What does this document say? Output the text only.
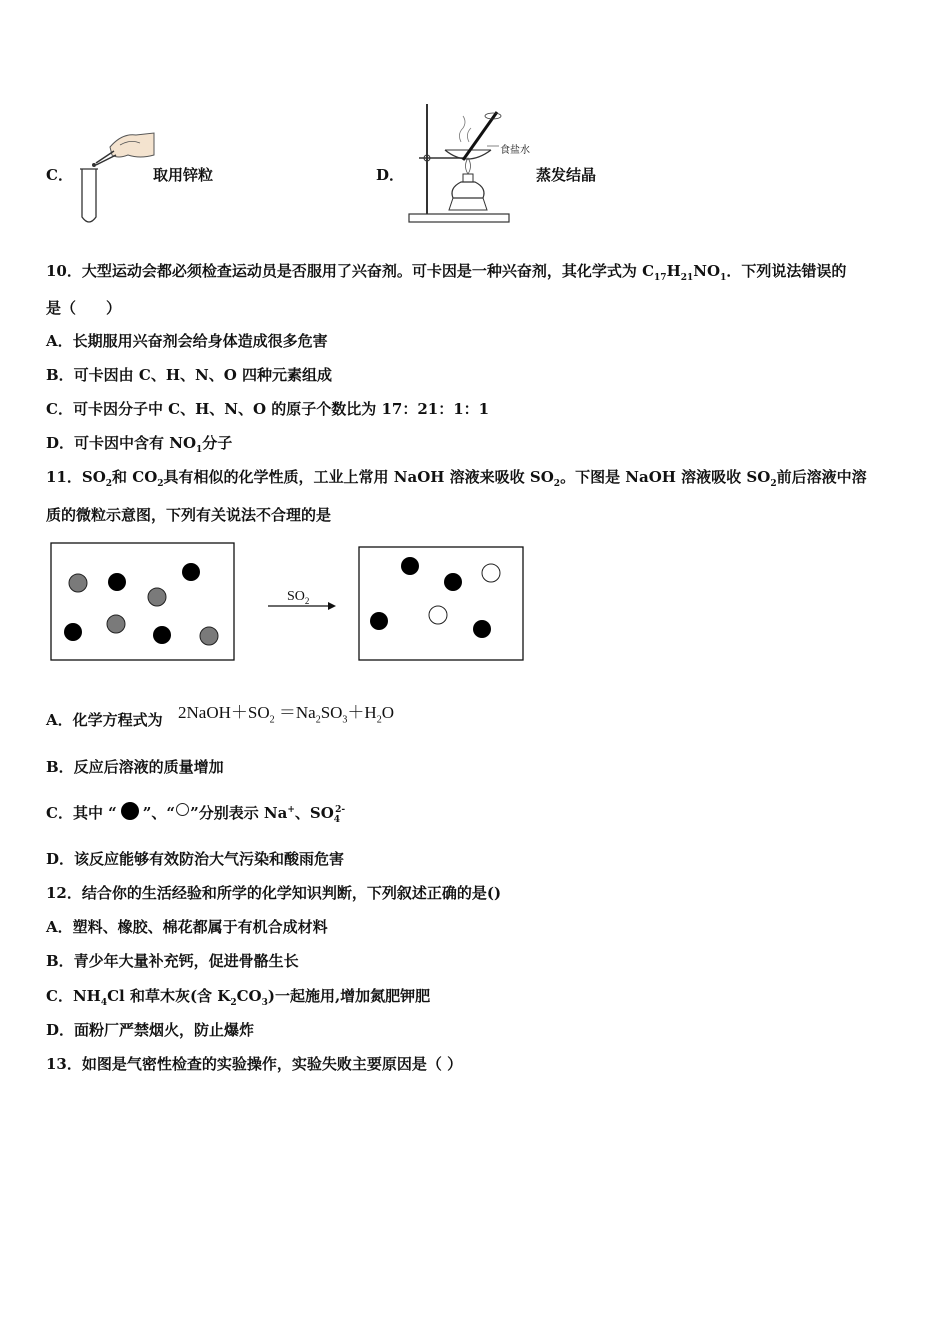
C．	取用锌粒	D．
食盐水
蒸发结晶
10．大型运动会都必须检查运动员是否服用了兴奋剂。可卡因是一种兴奋剂，其化学式为 $C_{17}H_{21}NO_1$．下列说法错误的
是（　　）
A．长期服用兴奋剂会给身体造成很多危害
B．可卡因由 C、H、N、O 四种元素组成
C．可卡因分子中 C、H、N、O 的原子个数比为 17：21：1：1
D．可卡因中含有 $NO_1$分子
11．$SO_2$和 $CO_2$具有相似的化学性质，工业上常用 NaOH 溶液来吸收 $SO_2$。下图是 NaOH 溶液吸收 $SO_2$前后溶液中溶
质的微粒示意图，下列有关说法不合理的是
$SO_2$
A．化学方程式为 $2NaOH+SO_2 =Na_2SO_3+H_2O$
B．反应后溶液的质量增加
C．其中 “ ”、“ ”分别表示 Na+、$SO_4^{2-}$
D．该反应能够有效防治大气污染和酸雨危害
12．结合你的生活经验和所学的化学知识判断，下列叙述正确的是()
A．塑料、橡胶、棉花都属于有机合成材料
B．青少年大量补充钙，促进骨骼生长
C．$NH_4Cl$ 和草木灰(含 $K_2CO_3$)一起施用,增加氮肥钾肥
D．面粉厂严禁烟火，防止爆炸
13．如图是气密性检查的实验操作，实验失败主要原因是（ ）
